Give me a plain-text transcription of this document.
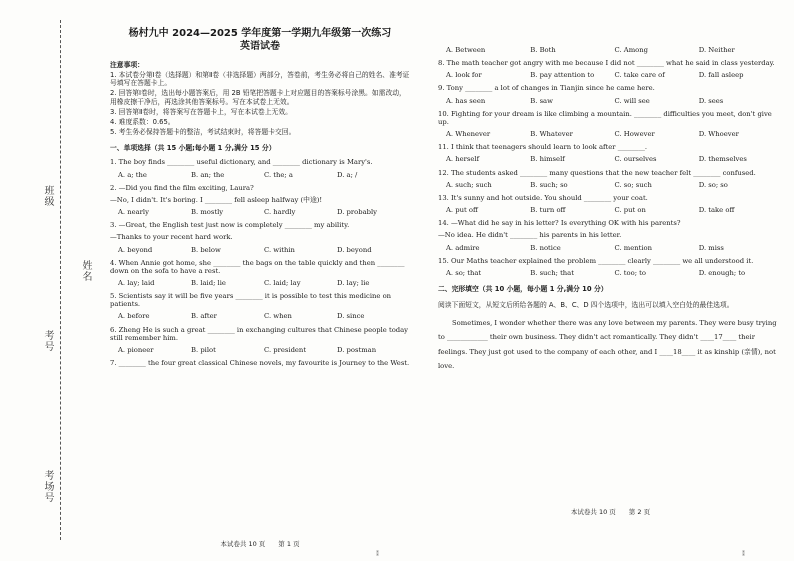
班级
姓名
考号
考场号
杨村九中 2024—2025 学年度第一学期九年级第一次练习
英语试卷
注意事项：

1. 本试卷分第Ⅰ卷（选择题）和第Ⅱ卷（非选择题）两部分，答卷前，考生务必将自己的姓名、准考证号填写在答题卡上。

2. 回答第Ⅰ卷时，选出每小题答案后，用 2B 铅笔把答题卡上对应题目的答案标号涂黑。如需改动，用橡皮擦干净后，再选涂其他答案标号。写在本试卷上无效。

3. 回答第Ⅱ卷时，将答案写在答题卡上，写在本试卷上无效。

4. 难度系数：0.65。

5. 考生务必保持答题卡的整洁，考试结束时，将答题卡交回。

一、单项选择（共 15 小题;每小题 1 分,满分 15 分）

1. The boy finds ________ useful dictionary, and ________ dictionary is Mary's.

A. a; the	B. an; the	C. the; a	D. a; /

2. —Did you find the film exciting, Laura?

—No, I didn't. It's boring. I ________ fell asleep halfway (中途)!

A. nearly	B. mostly	C. hardly	D. probably

3. —Great, the English test just now is completely ________ my ability.

—Thanks to your recent hard work.

A. beyond	B. below	C. within	D. beyond

4. When Annie got home, she ________ the bags on the table quickly and then ________ down on the sofa to have a rest.

A. lay; laid	B. laid; lie	C. laid; lay	D. lay; lie

5. Scientists say it will be five years ________ it is possible to test this medicine on patients.

A. before	B. after	C. when	D. since

6. Zheng He is such a great ________ in exchanging cultures that Chinese people today still remember him.

A. pioneer	B. pilot	C. president	D. postman

7. ________ the four great classical Chinese novels, my favourite is Journey to the West.

本试卷共 10 页　　第 1 页
A. Between	B. Both	C. Among	D. Neither

8. The math teacher got angry with me because I did not ________ what he said in class yesterday.

A. look for	B. pay attention to	C. take care of	D. fall asleep

9. Tony ________ a lot of changes in Tianjin since he came here.

A. has seen	B. saw	C. will see	D. sees

10. Fighting for your dream is like climbing a mountain. ________ difficulties you meet, don't give up.

A. Whenever	B. Whatever	C. However	D. Whoever

11. I think that teenagers should learn to look after ________.

A. herself	B. himself	C. ourselves	D. themselves

12. The students asked ________ many questions that the new teacher felt ________ confused.

A. such; such	B. such; so	C. so; such	D. so; so

13. It's sunny and hot outside. You should ________ your coat.

A. put off	B. turn off	C. put on	D. take off

14. —What did he say in his letter? Is everything OK with his parents?

—No idea. He didn't ________ his parents in his letter.

A. admire	B. notice	C. mention	D. miss

15. Our Maths teacher explained the problem ________ clearly ________ we all understood it.

A. so; that	B. such; that	C. too; to	D. enough; to
二、完形填空（共 10 小题，每小题 1 分,满分 10 分）

阅读下面短文，从短文后所给各题的 A、B、C、D 四个选项中，选出可以填入空白处的最佳选项。

Sometimes, I wonder whether there was any love between my parents. They were busy trying to ____________ their own business. They didn't act romantically. They didn't ____17____ their feelings. They just got used to the company of each other, and I ____18____ it as kinship (亲情), not love.

本试卷共 10 页　　第 2 页
⁑	⁑
